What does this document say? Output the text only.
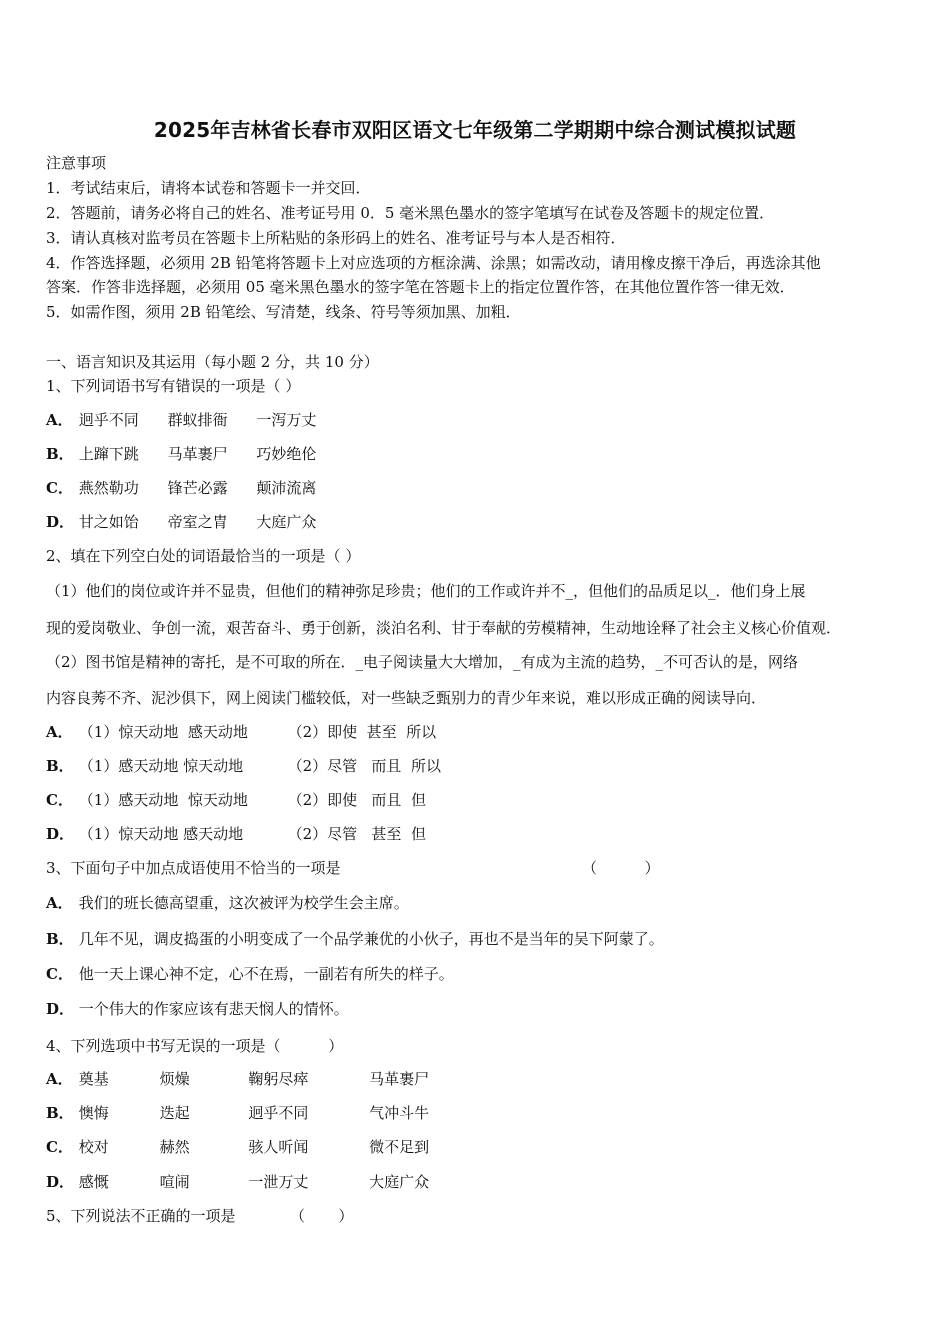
2025年吉林省长春市双阳区语文七年级第二学期期中综合测试模拟试题
注意事项
1．考试结束后，请将本试卷和答题卡一并交回．
2．答题前，请务必将自己的姓名、准考证号用 0．5 毫米黑色墨水的签字笔填写在试卷及答题卡的规定位置．
3．请认真核对监考员在答题卡上所粘贴的条形码上的姓名、准考证号与本人是否相符．
4．作答选择题，必须用 2B 铅笔将答题卡上对应选项的方框涂满、涂黑；如需改动，请用橡皮擦干净后，再选涂其他
答案．作答非选择题，必须用 05 毫米黑色墨水的签字笔在答题卡上的指定位置作答，在其他位置作答一律无效．
5．如需作图，须用 2B 铅笔绘、写清楚，线条、符号等须加黑、加粗．
一、语言知识及其运用（每小题 2 分，共 10 分）
1、下列词语书写有错误的一项是（ ）
A． 迥乎不同 群蚁排衙 一泻万丈
B． 上蹿下跳 马革裹尸 巧妙绝伦
C． 燕然勒功 锋芒必露 颠沛流离
D． 甘之如饴 帝室之胄 大庭广众
2、填在下列空白处的词语最恰当的一项是（ ）
（1）他们的岗位或许并不显贵，但他们的精神弥足珍贵；他们的工作或许并不_，但他们的品质足以_．他们身上展
现的爱岗敬业、争创一流，艰苦奋斗、勇于创新，淡泊名利、甘于奉献的劳模精神，生动地诠释了社会主义核心价值观．
（2）图书馆是精神的寄托，是不可取的所在．_电子阅读量大大增加，_有成为主流的趋势，_不可否认的是，网络
内容良莠不齐、泥沙俱下，网上阅读门槛较低，对一些缺乏甄别力的青少年来说，难以形成正确的阅读导向．
A． （1）惊天动地  感天动地	（2）即使  甚至  所以
B． （1）感天动地 惊天动地	（2）尽管   而且  所以
C． （1）感天动地  惊天动地	（2）即使   而且  但
D． （1）惊天动地 感天动地	（2）尽管   甚至  但
3、下面句子中加点成语使用不恰当的一项是	（          ）
A． 我们的班长德高望重，这次被评为校学生会主席。
B． 几年不见，调皮捣蛋的小明变成了一个品学兼优的小伙子，再也不是当年的吴下阿蒙了。
C． 他一天上课心神不定，心不在焉，一副若有所失的样子。
D． 一个伟大的作家应该有悲天悯人的情怀。
4、下列选项中书写无误的一项是（          ）
A． 奠基	烦燥	鞠躬尽瘁	马革裹尸
B． 懊悔	迭起	迥乎不同	气冲斗牛
C． 校对	赫然	骇人听闻	微不足到
D． 感慨	喧闹	一泄万丈	大庭广众
5、下列说法不正确的一项是	（       ）
